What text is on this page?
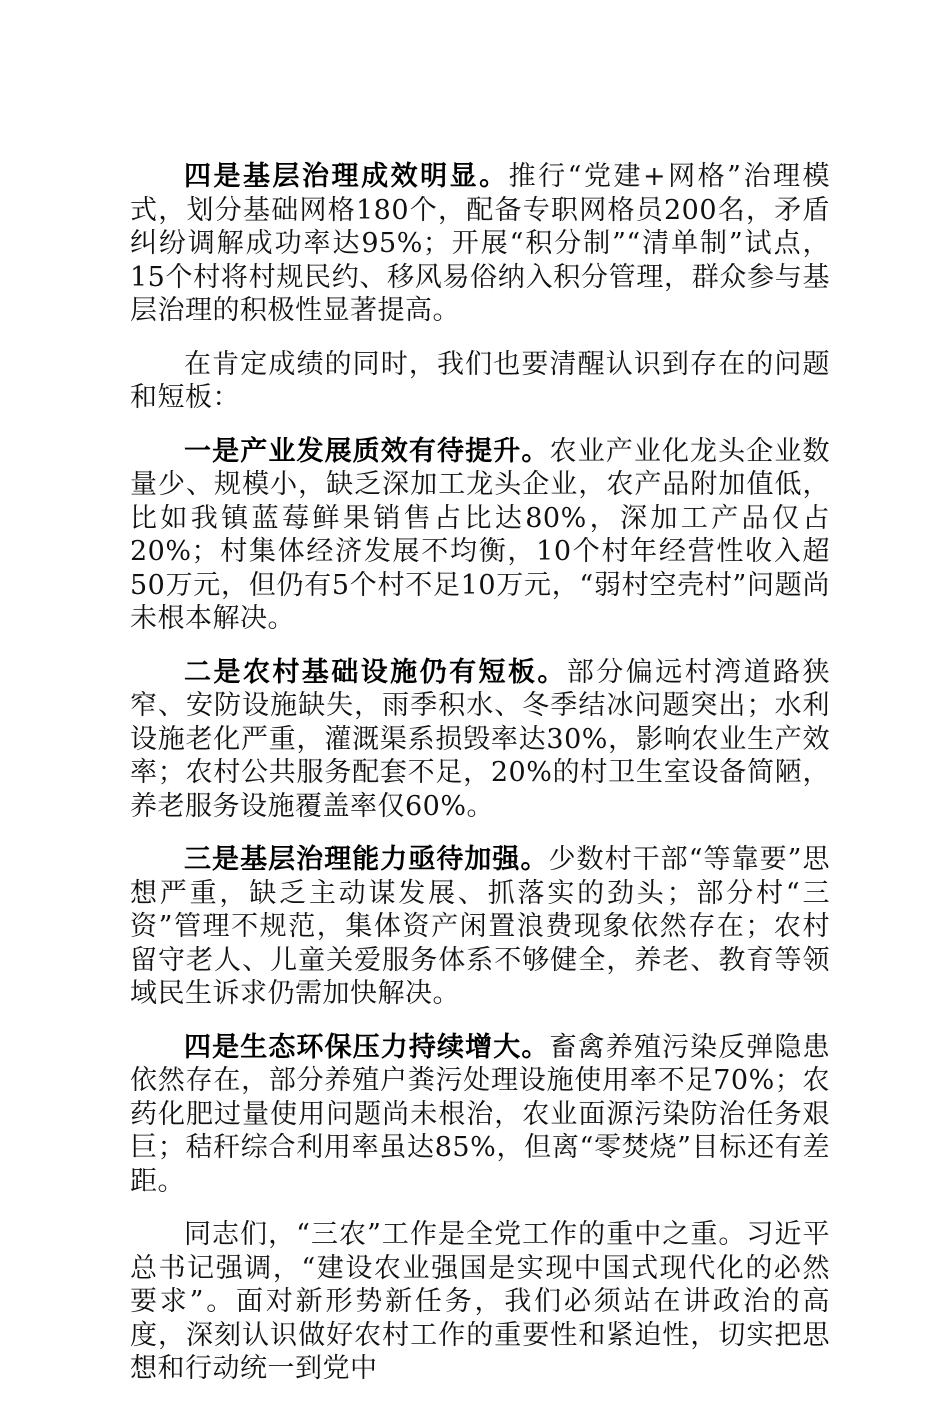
四是基层治理成效明显。推行“党建+网格”治理模式，划分基础网格180个，配备专职网格员200名，矛盾纠纷调解成功率达95%；开展“积分制”“清单制”试点，15个村将村规民约、移风易俗纳入积分管理，群众参与基层治理的积极性显著提高。

在肯定成绩的同时，我们也要清醒认识到存在的问题和短板：

一是产业发展质效有待提升。农业产业化龙头企业数量少、规模小，缺乏深加工龙头企业，农产品附加值低，比如我镇蓝莓鲜果销售占比达80%，深加工产品仅占20%；村集体经济发展不均衡，10个村年经营性收入超50万元，但仍有5个村不足10万元，“弱村空壳村”问题尚未根本解决。

二是农村基础设施仍有短板。部分偏远村湾道路狭窄、安防设施缺失，雨季积水、冬季结冰问题突出；水利设施老化严重，灌溉渠系损毁率达30%，影响农业生产效率；农村公共服务配套不足，20%的村卫生室设备简陋，养老服务设施覆盖率仅60%。

三是基层治理能力亟待加强。少数村干部“等靠要”思想严重，缺乏主动谋发展、抓落实的劲头；部分村“三资”管理不规范，集体资产闲置浪费现象依然存在；农村留守老人、儿童关爱服务体系不够健全，养老、教育等领域民生诉求仍需加快解决。

四是生态环保压力持续增大。畜禽养殖污染反弹隐患依然存在，部分养殖户粪污处理设施使用率不足70%；农药化肥过量使用问题尚未根治，农业面源污染防治任务艰巨；秸秆综合利用率虽达85%，但离“零焚烧”目标还有差距。

同志们，“三农”工作是全党工作的重中之重。习近平总书记强调，“建设农业强国是实现中国式现代化的必然要求”。面对新形势新任务，我们必须站在讲政治的高度，深刻认识做好农村工作的重要性和紧迫性，切实把思想和行动统一到党中
